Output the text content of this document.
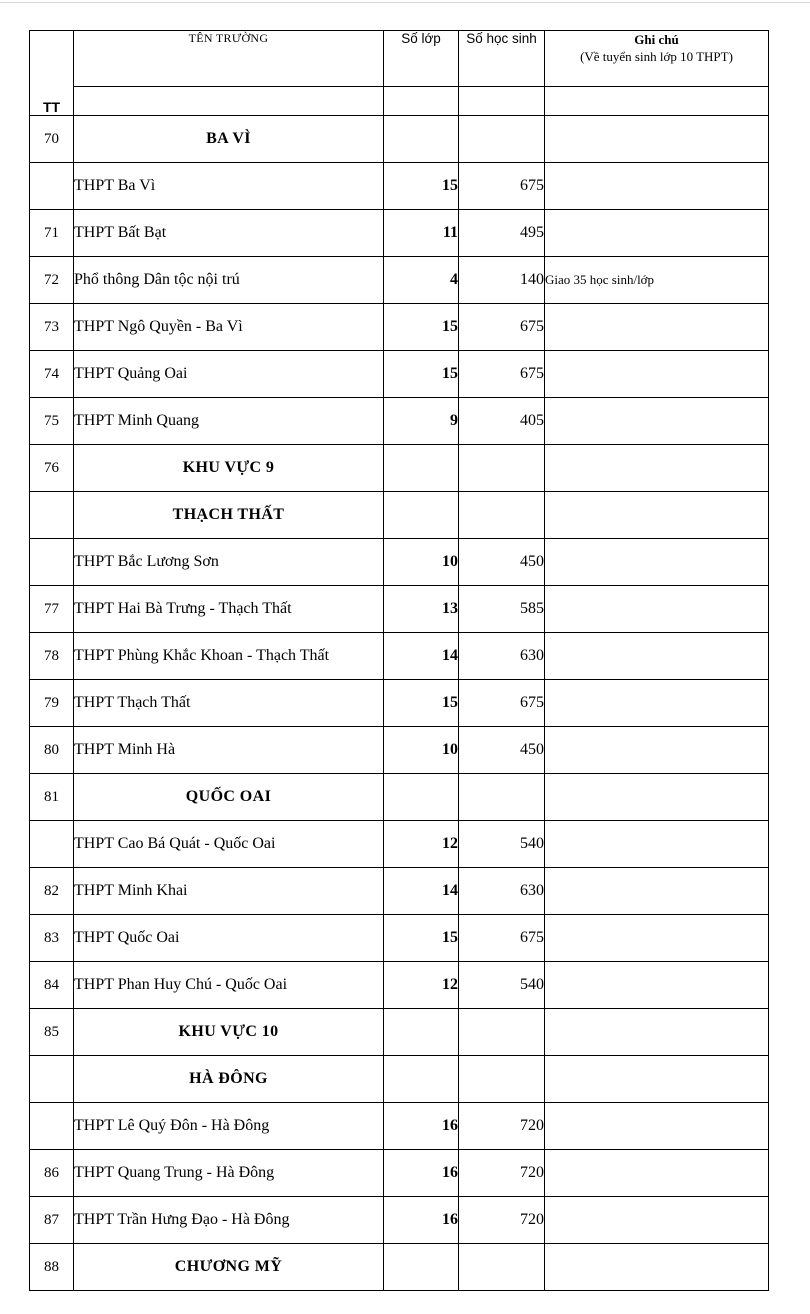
TT	TÊN TRƯỜNG	Số lớp	Số học sinh	Ghi chú
(Về tuyển sinh lớp 10 THPT)

70	BA VÌ			
	THPT Ba Vì	15	675	
71	THPT Bất Bạt	11	495	
72	Phổ thông Dân tộc nội trú	4	140	Giao 35 học sinh/lớp
73	THPT Ngô Quyền - Ba Vì	15	675	
74	THPT Quảng Oai	15	675	
75	THPT Minh Quang	9	405	
76	KHU VỰC 9			
	THẠCH THẤT			
	THPT Bắc Lương Sơn	10	450	
77	THPT Hai Bà Trưng - Thạch Thất	13	585	
78	THPT Phùng Khắc Khoan - Thạch Thất	14	630	
79	THPT Thạch Thất	15	675	
80	THPT Minh Hà	10	450	
81	QUỐC OAI			
	THPT Cao Bá Quát - Quốc Oai	12	540	
82	THPT Minh Khai	14	630	
83	THPT Quốc Oai	15	675	
84	THPT Phan Huy Chú - Quốc Oai	12	540	
85	KHU VỰC 10			
	HÀ ĐÔNG			
	THPT Lê Quý Đôn - Hà Đông	16	720	
86	THPT Quang Trung - Hà Đông	16	720	
87	THPT Trần Hưng Đạo - Hà Đông	16	720	
88	CHƯƠNG MỸ			
